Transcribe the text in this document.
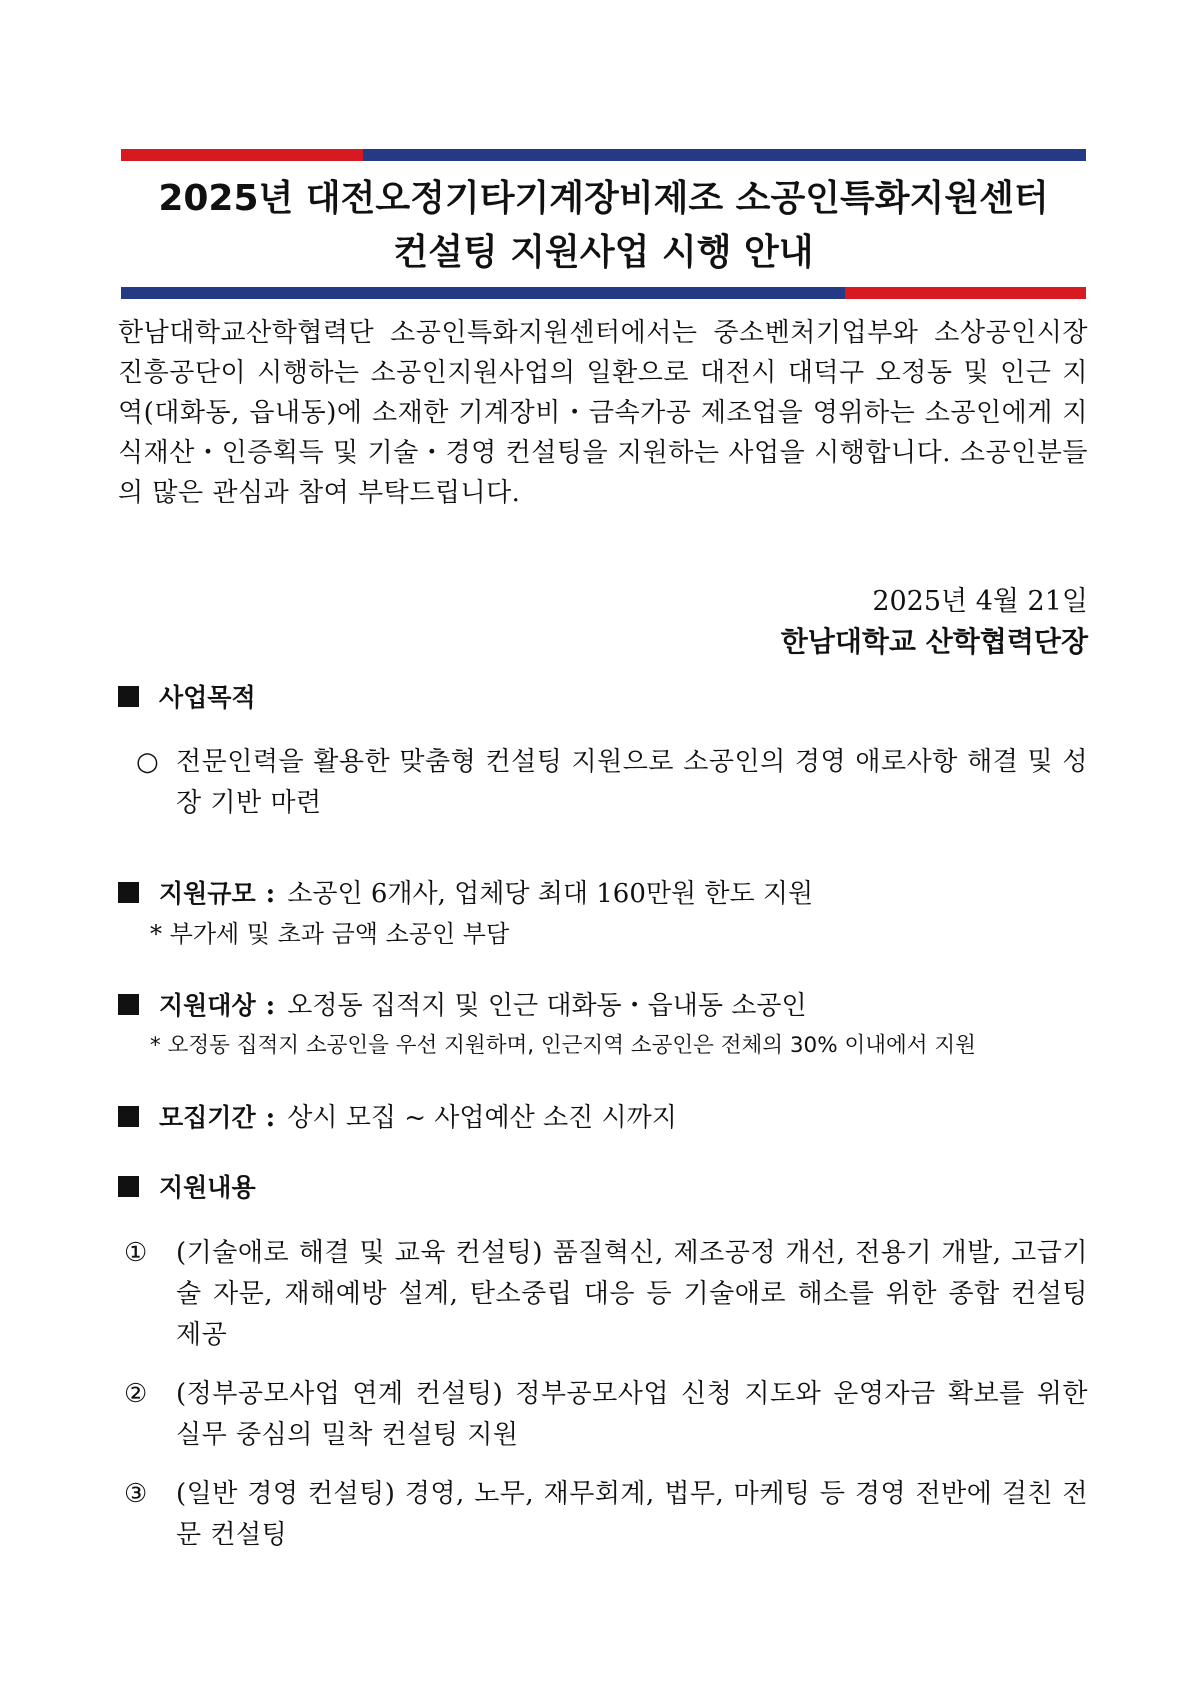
2025년 대전오정기타기계장비제조 소공인특화지원센터
컨설팅 지원사업 시행 안내
한남대학교산학협력단 소공인특화지원센터에서는 중소벤처기업부와 소상공인시장진흥공단이 시행하는 소공인지원사업의 일환으로 대전시 대덕구 오정동 및 인근 지역(대화동, 읍내동)에 소재한 기계장비・금속가공 제조업을 영위하는 소공인에게 지식재산・인증획득 및 기술・경영 컨설팅을 지원하는 사업을 시행합니다. 소공인분들의 많은 관심과 참여 부탁드립니다.
2025년 4월 21일
한남대학교 산학협력단장
사업목적
○ 전문인력을 활용한 맞춤형 컨설팅 지원으로 소공인의 경영 애로사항 해결 및 성장 기반 마련
지원규모 : 소공인 6개사, 업체당 최대 160만원 한도 지원
* 부가세 및 초과 금액 소공인 부담
지원대상 : 오정동 집적지 및 인근 대화동・읍내동 소공인
* 오정동 집적지 소공인을 우선 지원하며, 인근지역 소공인은 전체의 30% 이내에서 지원
모집기간 : 상시 모집 ~ 사업예산 소진 시까지
지원내용
①	(기술애로 해결 및 교육 컨설팅) 품질혁신, 제조공정 개선, 전용기 개발, 고급기술 자문, 재해예방 설계, 탄소중립 대응 등 기술애로 해소를 위한 종합 컨설팅 제공
②	(정부공모사업 연계 컨설팅) 정부공모사업 신청 지도와 운영자금 확보를 위한 실무 중심의 밀착 컨설팅 지원
③	(일반 경영 컨설팅) 경영, 노무, 재무회계, 법무, 마케팅 등 경영 전반에 걸친 전문 컨설팅
